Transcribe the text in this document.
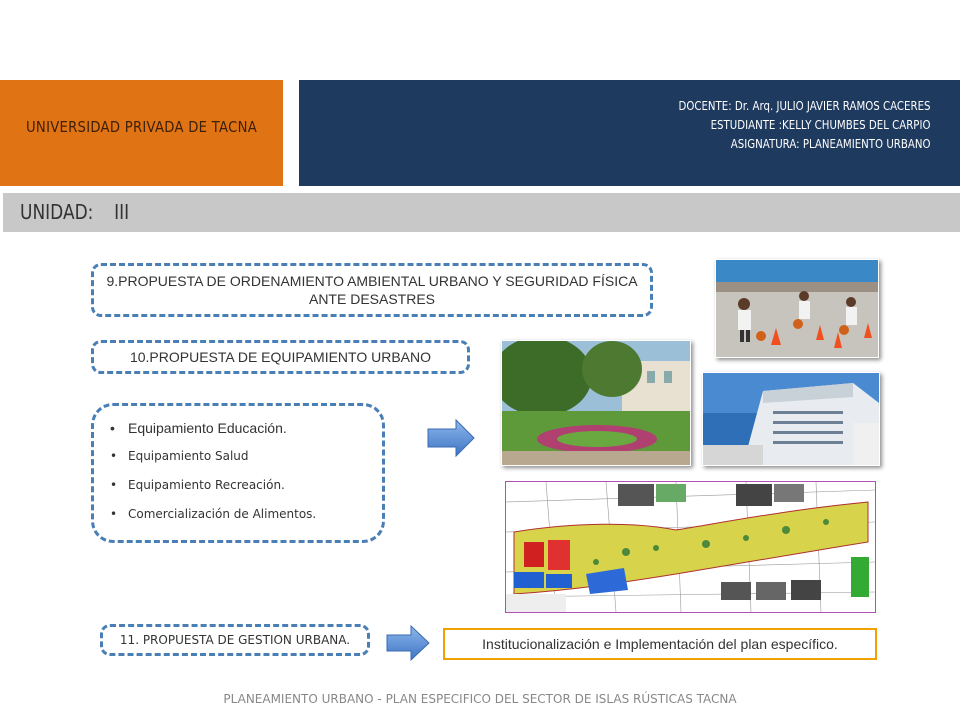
UNIVERSIDAD PRIVADA DE TACNA
DOCENTE: Dr. Arq. JULIO JAVIER RAMOS CACERES
ESTUDIANTE :KELLY CHUMBES DEL CARPIO
ASIGNATURA: PLANEAMIENTO URBANO
UNIDAD: III
9.PROPUESTA DE ORDENAMIENTO AMBIENTAL URBANO Y SEGURIDAD FÍSICA ANTE DESASTRES
10.PROPUESTA DE EQUIPAMIENTO URBANO
• Equipamiento Educación.
• Equipamiento Salud
• Equipamiento Recreación.
• Comercialización de Alimentos.
11. PROPUESTA DE GESTION URBANA.	Institucionalización e Implementación del plan específico.
PLANEAMIENTO URBANO - PLAN ESPECIFICO DEL SECTOR DE ISLAS RÚSTICAS TACNA
